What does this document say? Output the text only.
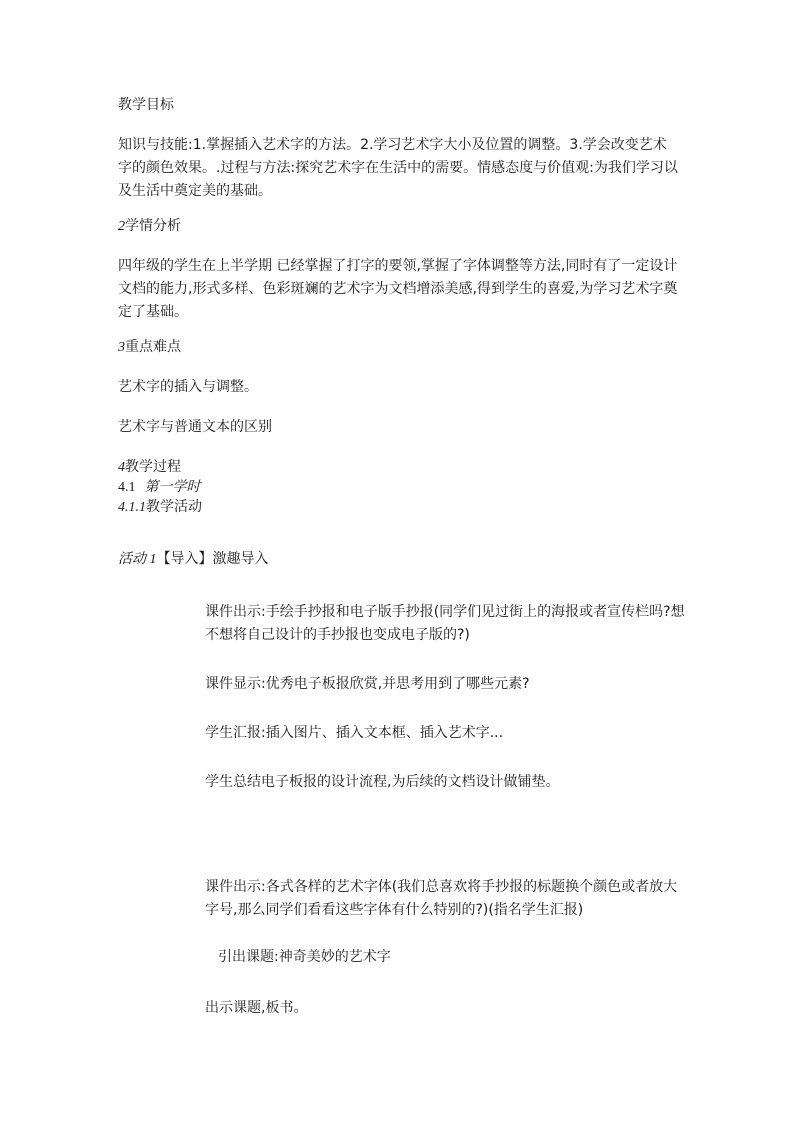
教学目标
知识与技能:1.掌握插入艺术字的方法。2.学习艺术字大小及位置的调整。3.学会改变艺术字的颜色效果。.过程与方法:探究艺术字在生活中的需要。情感态度与价值观:为我们学习以及生活中奠定美的基础。
2学情分析
四年级的学生在上半学期 已经掌握了打字的要领,掌握了字体调整等方法,同时有了一定设计文档的能力,形式多样、色彩斑斓的艺术字为文档增添美感,得到学生的喜爱,为学习艺术字奠定了基础。
3重点难点
艺术字的插入与调整。
艺术字与普通文本的区别
4教学过程
4.1 第一学时
4.1.1教学活动
活动 1【导入】激趣导入
课件出示:手绘手抄报和电子版手抄报(同学们见过街上的海报或者宣传栏吗?想不想将自己设计的手抄报也变成电子版的?)
课件显示:优秀电子板报欣赏,并思考用到了哪些元素?
学生汇报:插入图片、插入文本框、插入艺术字...
学生总结电子板报的设计流程,为后续的文档设计做铺垫。
课件出示:各式各样的艺术字体(我们总喜欢将手抄报的标题换个颜色或者放大字号,那么同学们看看这些字体有什么特别的?)(指名学生汇报)
引出课题:神奇美妙的艺术字
出示课题,板书。
